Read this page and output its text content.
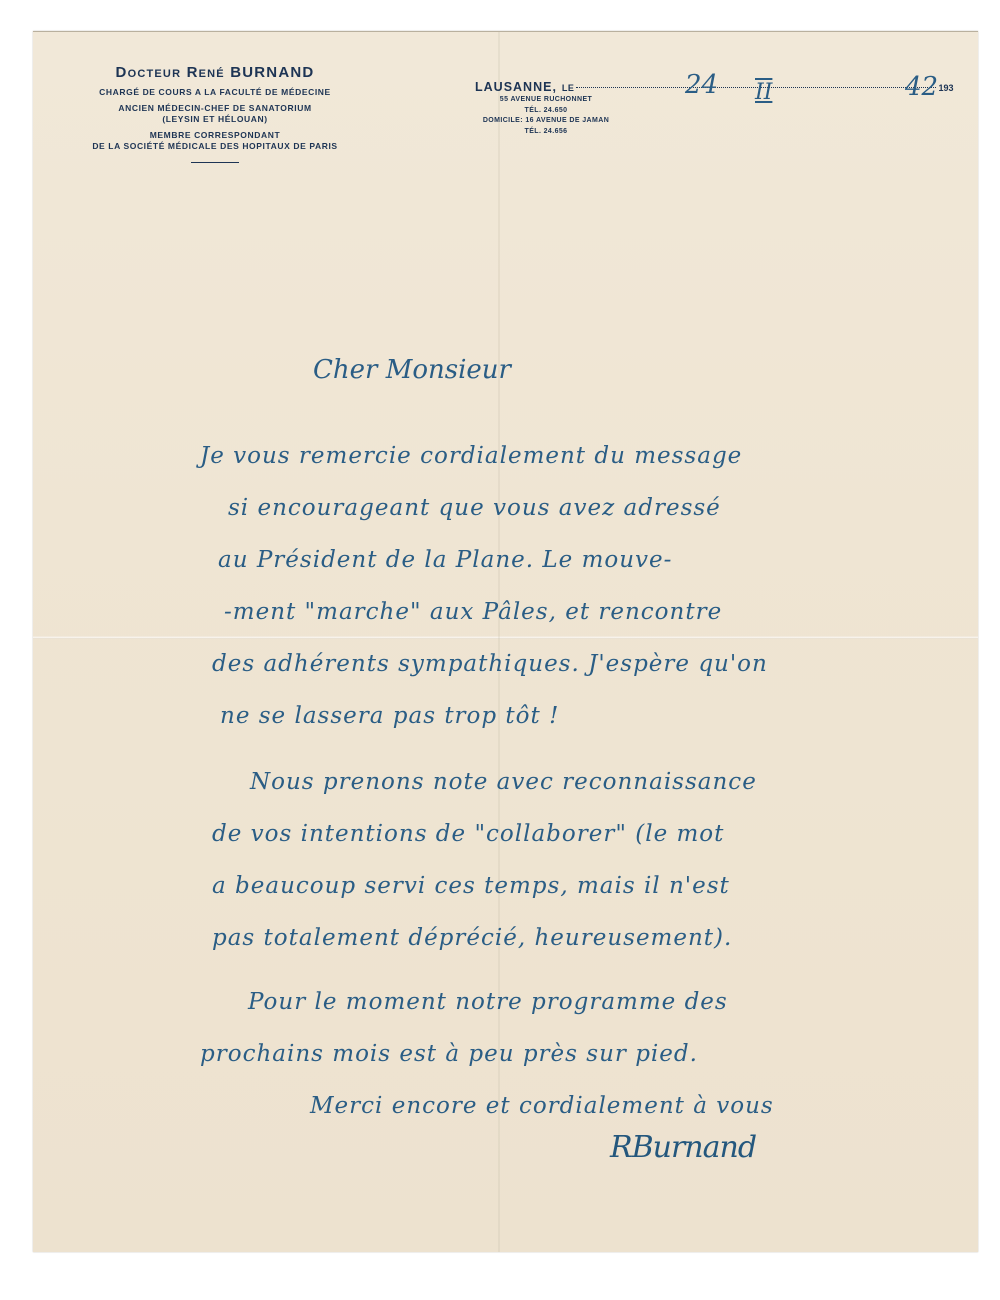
Docteur René BURNAND
CHARGÉ DE COURS A LA FACULTÉ DE MÉDECINE
ANCIEN MÉDECIN-CHEF DE SANATORIUM
(LEYSIN ET HÉLOUAN)
MEMBRE CORRESPONDANT
DE LA SOCIÉTÉ MÉDICALE DES HOPITAUX DE PARIS
LAUSANNE, LE	193
55 AVENUE RUCHONNET
TÉL. 24.650
DOMICILE: 16 AVENUE DE JAMAN
TÉL. 24.656
24 II	42
Cher Monsieur
Je vous remercie cordialement du message
si encourageant que vous avez adressé
au Président de la Plane. Le mouve-
-ment "marche" aux Pâles, et rencontre
des adhérents sympathiques. J'espère qu'on
ne se lassera pas trop tôt !
Nous prenons note avec reconnaissance
de vos intentions de "collaborer" (le mot
a beaucoup servi ces temps, mais il n'est
pas totalement déprécié, heureusement).
Pour le moment notre programme des
prochains mois est à peu près sur pied.
Merci encore et cordialement à vous
RBurnand
